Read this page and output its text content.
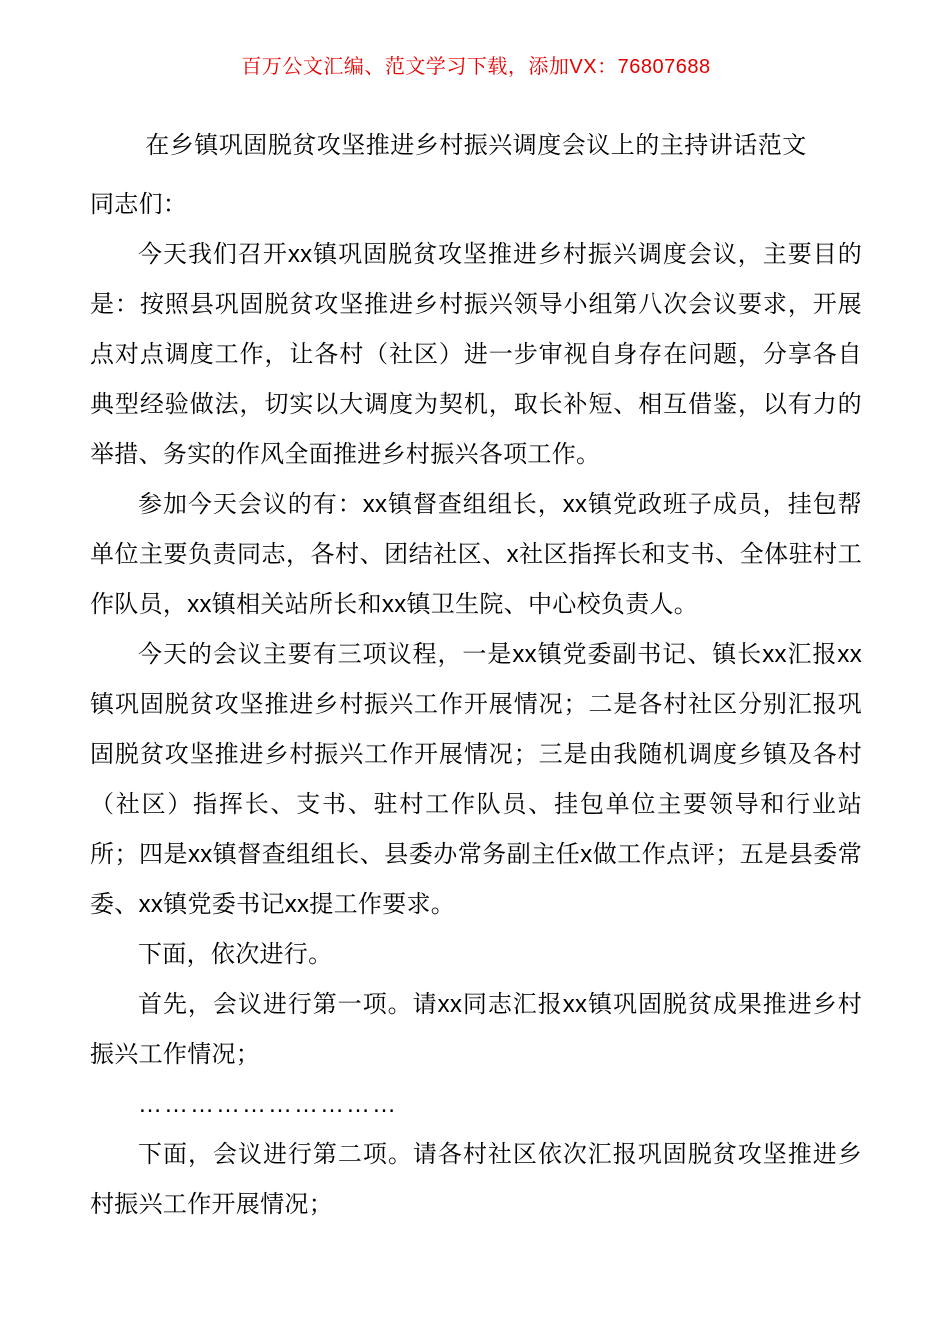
百万公文汇编、范文学习下载，添加VX：76807688
在乡镇巩固脱贫攻坚推进乡村振兴调度会议上的主持讲话范文

同志们：

今天我们召开xx镇巩固脱贫攻坚推进乡村振兴调度会议，主要目的是：按照县巩固脱贫攻坚推进乡村振兴领导小组第八次会议要求，开展点对点调度工作，让各村（社区）进一步审视自身存在问题，分享各自典型经验做法，切实以大调度为契机，取长补短、相互借鉴，以有力的举措、务实的作风全面推进乡村振兴各项工作。

参加今天会议的有：xx镇督查组组长，xx镇党政班子成员，挂包帮单位主要负责同志，各村、团结社区、x社区指挥长和支书、全体驻村工作队员，xx镇相关站所长和xx镇卫生院、中心校负责人。

今天的会议主要有三项议程，一是xx镇党委副书记、镇长xx汇报xx镇巩固脱贫攻坚推进乡村振兴工作开展情况；二是各村社区分别汇报巩固脱贫攻坚推进乡村振兴工作开展情况；三是由我随机调度乡镇及各村（社区）指挥长、支书、驻村工作队员、挂包单位主要领导和行业站所；四是xx镇督查组组长、县委办常务副主任x做工作点评；五是县委常委、xx镇党委书记xx提工作要求。

下面，依次进行。

首先，会议进行第一项。请xx同志汇报xx镇巩固脱贫成果推进乡村振兴工作情况；

…………………………

下面，会议进行第二项。请各村社区依次汇报巩固脱贫攻坚推进乡村振兴工作开展情况；
